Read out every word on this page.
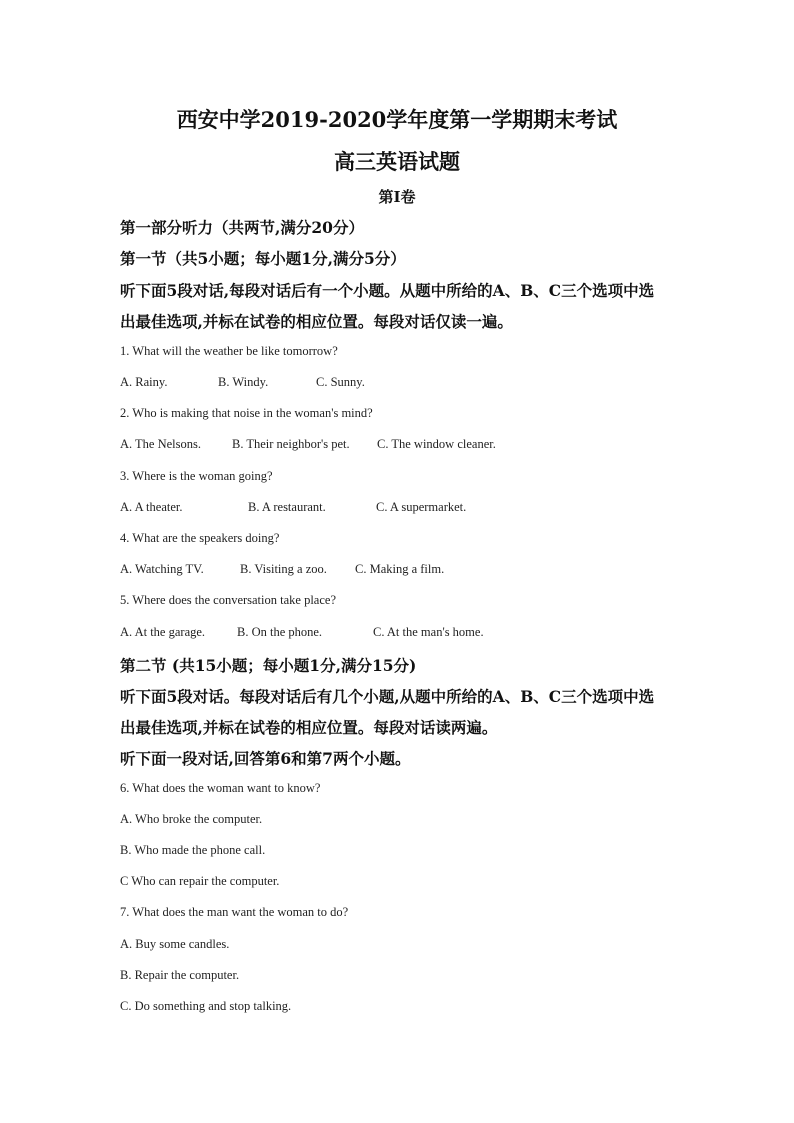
西安中学2019-2020学年度第一学期期末考试
高三英语试题
第I卷
第一部分听力（共两节,满分20分）
第一节（共5小题；每小题1分,满分5分）
听下面5段对话,每段对话后有一个小题。从题中所给的A、B、C三个选项中选
出最佳选项,并标在试卷的相应位置。每段对话仅读一遍。
1. What will the weather be like tomorrow?
A. Rainy.	B. Windy.	C. Sunny.
2. Who is making that noise in the woman's mind?
A. The Nelsons. B. Their neighbor's pet. C. The window cleaner.
3. Where is the woman going?
A. A theater.	B. A restaurant.	C. A supermarket.
4. What are the speakers doing?
A. Watching TV.	B. Visiting a zoo. C. Making a film.
5. Where does the conversation take place?
A. At the garage.	B. On the phone.	C. At the man's home.
第二节 (共15小题；每小题1分,满分15分)
听下面5段对话。每段对话后有几个小题,从题中所给的A、B、C三个选项中选
出最佳选项,并标在试卷的相应位置。每段对话读两遍。
听下面一段对话,回答第6和第7两个小题。
6. What does the woman want to know?
A. Who broke the computer.
B. Who made the phone call.
C Who can repair the computer.
7. What does the man want the woman to do?
A. Buy some candles.
B. Repair the computer.
C. Do something and stop talking.
